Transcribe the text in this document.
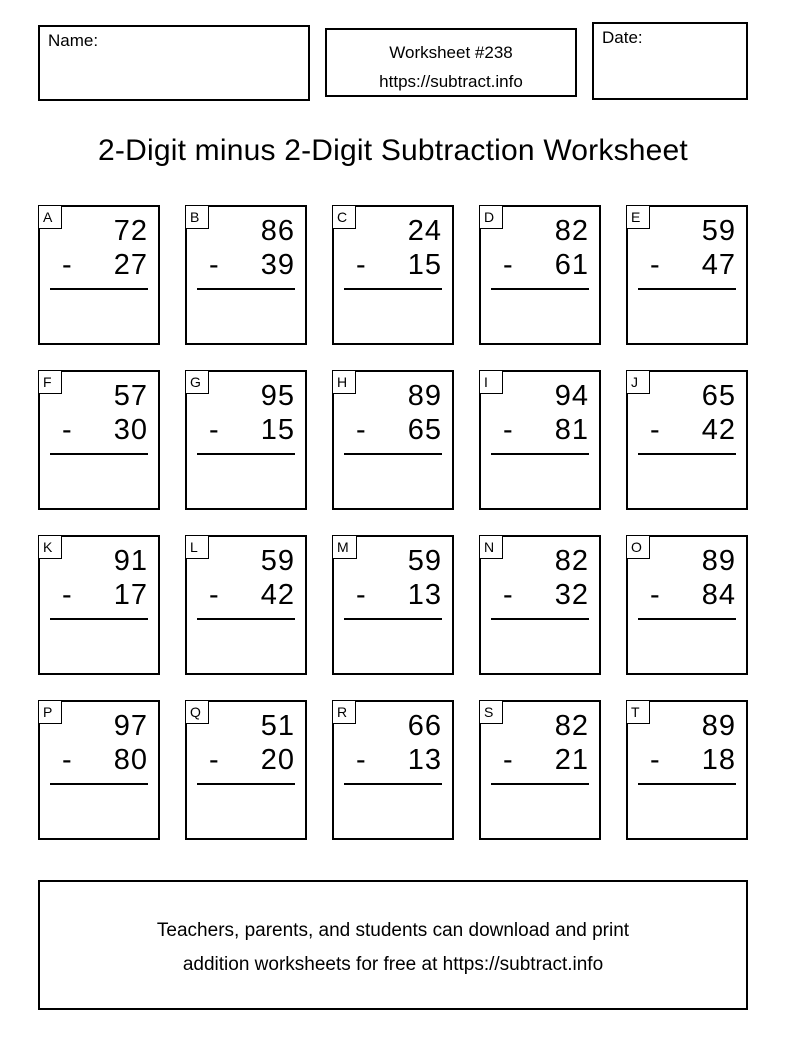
Name:
Worksheet #238
https://subtract.info
Date:
2-Digit minus 2-Digit Subtraction Worksheet
A	72
-	27
B	86
-	39
C	24
-	15
D	82
-	61
E	59
-	47
F	57
-	30
G	95
-	15
H	89
-	65
I	94
-	81
J	65
-	42
K	91
-	17
L	59
-	42
M	59
-	13
N	82
-	32
O	89
-	84
P	97
-	80
Q	51
-	20
R	66
-	13
S	82
-	21
T	89
-	18
Teachers, parents, and students can download and print
addition worksheets for free at https://subtract.info
